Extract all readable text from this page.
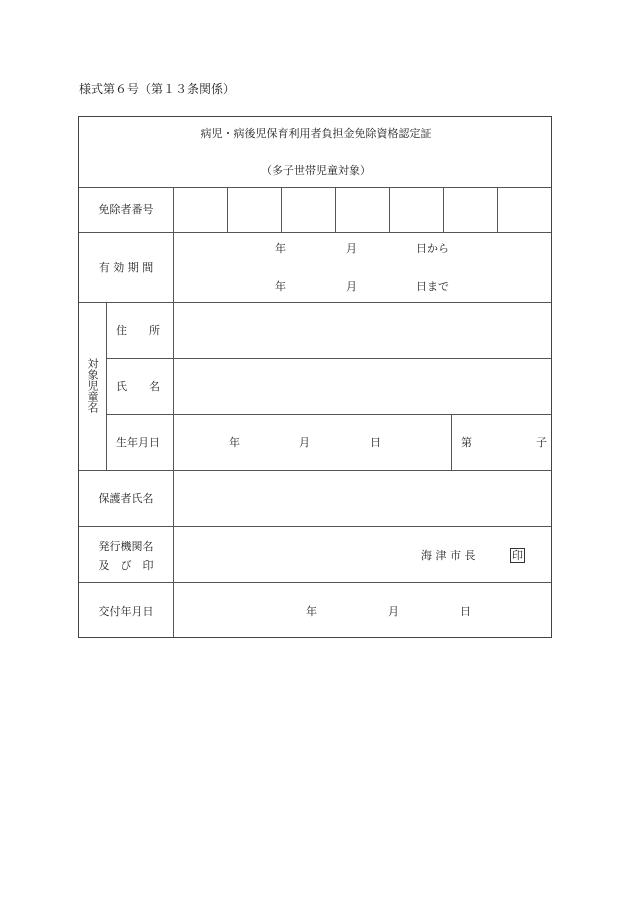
様式第６号（第１３条関係）
病児・病後児保育利用者負担金免除資格認定証
（多子世帯児童対象）
免除者番号
有 効 期 間
年	月	日から
年	月	日まで
対象児童名
住　　所
氏　　名
生年月日	年	月	日	第	子
保護者氏名
発行機関名
及　び　印
海 津 市 長	印
交付年月日	年	月	日
